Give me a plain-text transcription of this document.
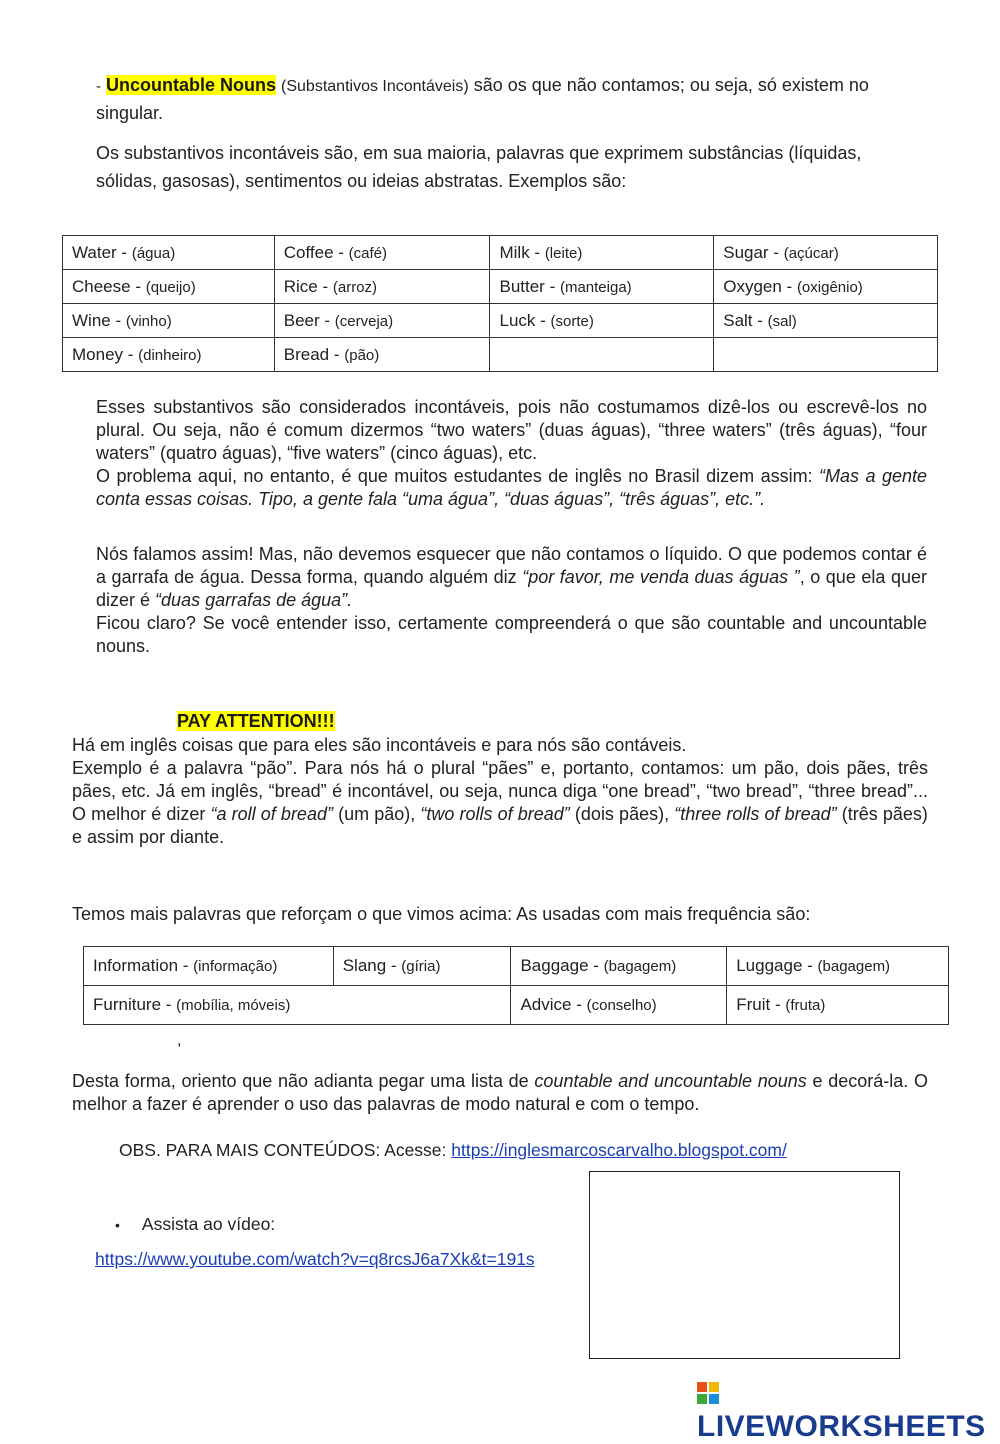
- Uncountable Nouns (Substantivos Incontáveis) são os que não contamos; ou seja, só existem no singular.

Os substantivos incontáveis são, em sua maioria, palavras que exprimem substâncias (líquidas, sólidas, gasosas), sentimentos ou ideias abstratas. Exemplos são:

Water - (água)	Coffee - (café)	Milk - (leite)	Sugar - (açúcar)
Cheese - (queijo)	Rice - (arroz)	Butter - (manteiga)	Oxygen - (oxigênio)
Wine - (vinho)	Beer - (cerveja)	Luck - (sorte)	Salt - (sal)
Money - (dinheiro)	Bread - (pão)		

Esses substantivos são considerados incontáveis, pois não costumamos dizê-los ou escrevê-los no plural. Ou seja, não é comum dizermos “two waters” (duas águas), “three waters” (três águas), “four waters” (quatro águas), “five waters” (cinco águas), etc.
O problema aqui, no entanto, é que muitos estudantes de inglês no Brasil dizem assim: “Mas a gente conta essas coisas. Tipo, a gente fala “uma água”, “duas águas”, “três águas”, etc.”.

Nós falamos assim! Mas, não devemos esquecer que não contamos o líquido. O que podemos contar é a garrafa de água. Dessa forma, quando alguém diz “por favor, me venda duas águas ”, o que ela quer dizer é “duas garrafas de água”.
Ficou claro? Se você entender isso, certamente compreenderá o que são countable and uncountable nouns.

PAY ATTENTION!!!

Há em inglês coisas que para eles são incontáveis e para nós são contáveis.

Exemplo é a palavra “pão”. Para nós há o plural “pães” e, portanto, contamos: um pão, dois pães, três pães, etc. Já em inglês, “bread” é incontável, ou seja, nunca diga “one bread”, “two bread”, “three bread”... O melhor é dizer “a roll of bread” (um pão), “two rolls of bread” (dois pães), “three rolls of bread” (três pães) e assim por diante.

Temos mais palavras que reforçam o que vimos acima: As usadas com mais frequência são:

Information - (informação)	Slang - (gíria)	Baggage - (bagagem)	Luggage - (bagagem)
Furniture - (mobília, móveis)		Advice - (conselho)	Fruit - (fruta)
,

Desta forma, oriento que não adianta pegar uma lista de countable and uncountable nouns e decorá-la. O melhor a fazer é aprender o uso das palavras de modo natural e com o tempo.

OBS. PARA MAIS CONTEÚDOS: Acesse: https://inglesmarcoscarvalho.blogspot.com/
• Assista ao vídeo:
https://www.youtube.com/watch?v=q8rcsJ6a7Xk&t=191s
LIVEWORKSHEETS
